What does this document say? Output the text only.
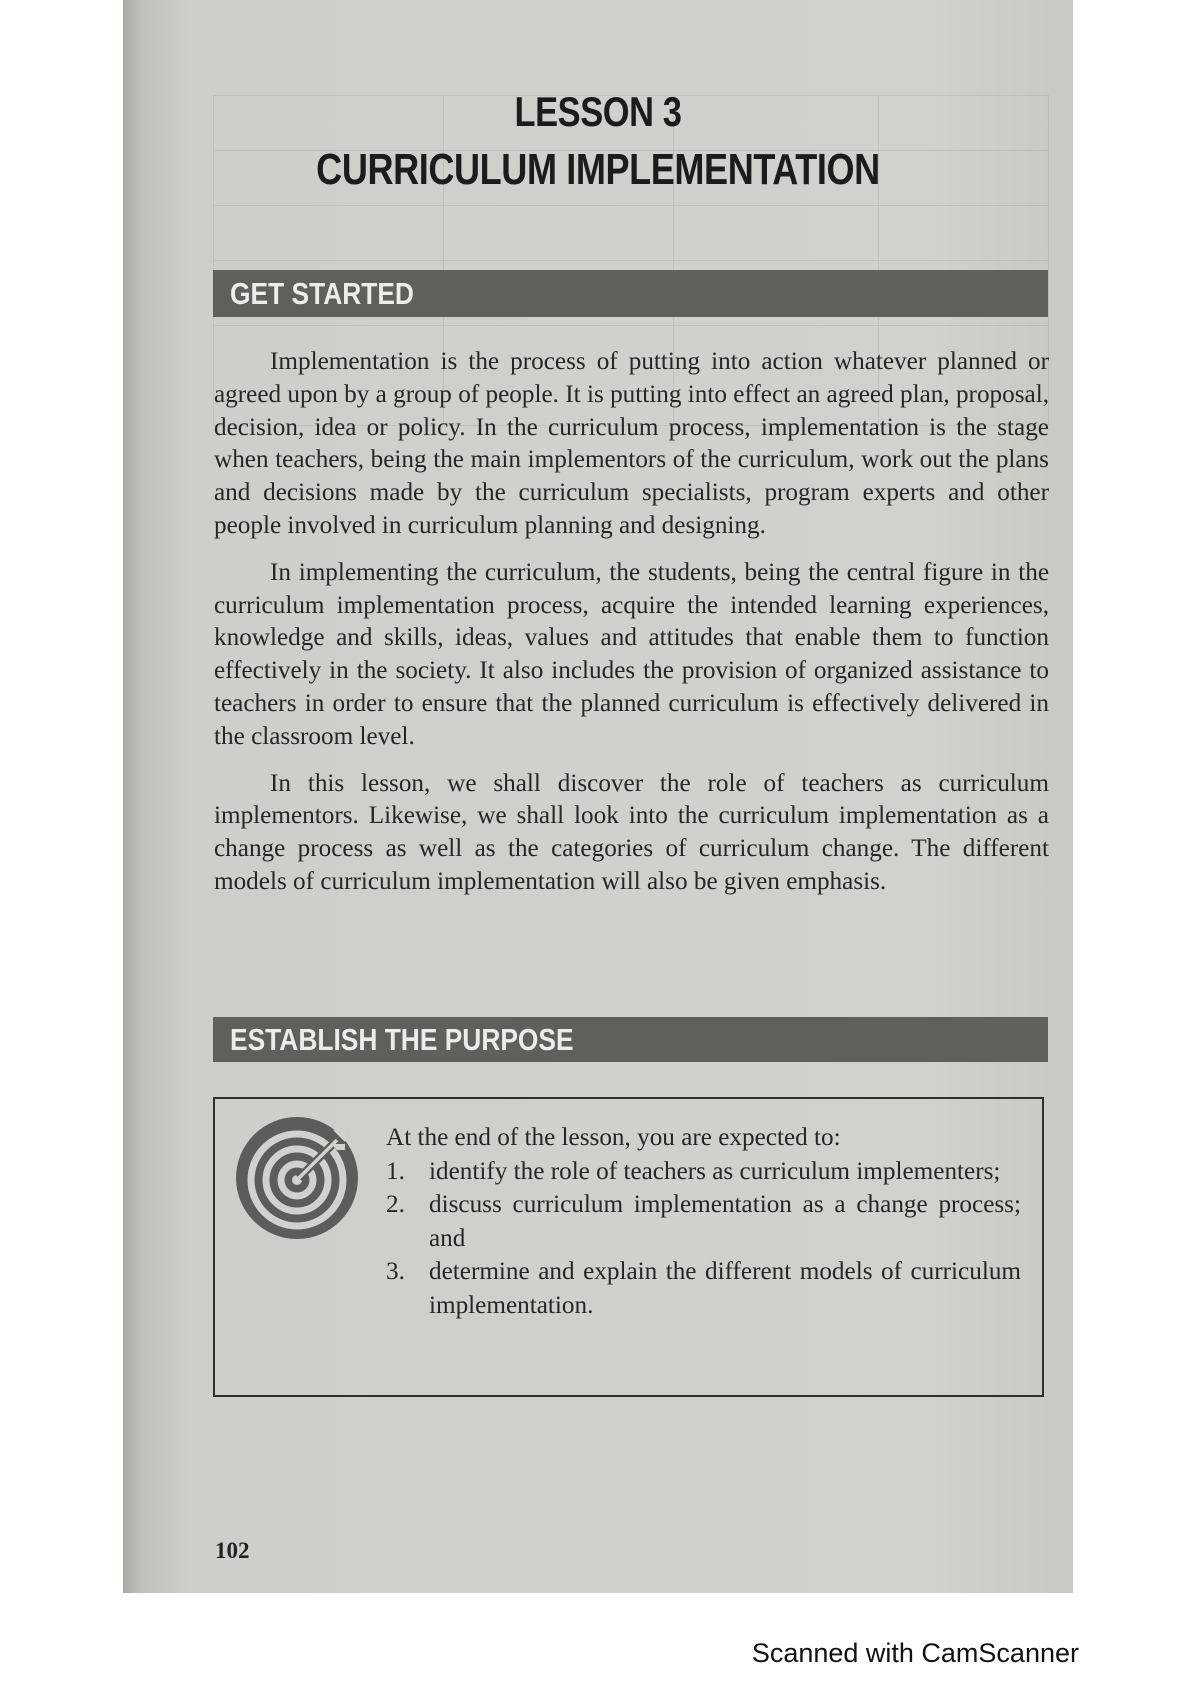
LESSON 3
CURRICULUM IMPLEMENTATION
GET STARTED

Implementation is the process of putting into action whatever planned or agreed upon by a group of people. It is putting into effect an agreed plan, proposal, decision, idea or policy. In the curriculum process, implementation is the stage when teachers, being the main implementors of the curriculum, work out the plans and decisions made by the curriculum specialists, program experts and other people involved in curriculum planning and designing.

In implementing the curriculum, the students, being the central figure in the curriculum implementation process, acquire the intended learning experiences, knowledge and skills, ideas, values and attitudes that enable them to function effectively in the society. It also includes the provision of organized assistance to teachers in order to ensure that the planned curriculum is effectively delivered in the classroom level.

In this lesson, we shall discover the role of teachers as curriculum implementors. Likewise, we shall look into the curriculum implementation as a change process as well as the categories of curriculum change. The different models of curriculum implementation will also be given emphasis.

ESTABLISH THE PURPOSE

At the end of the lesson, you are expected to:

1. identify the role of teachers as curriculum implementers;
2. discuss curriculum implementation as a change process; and
3. determine and explain the different models of curriculum implementation.
102
Scanned with CamScanner
